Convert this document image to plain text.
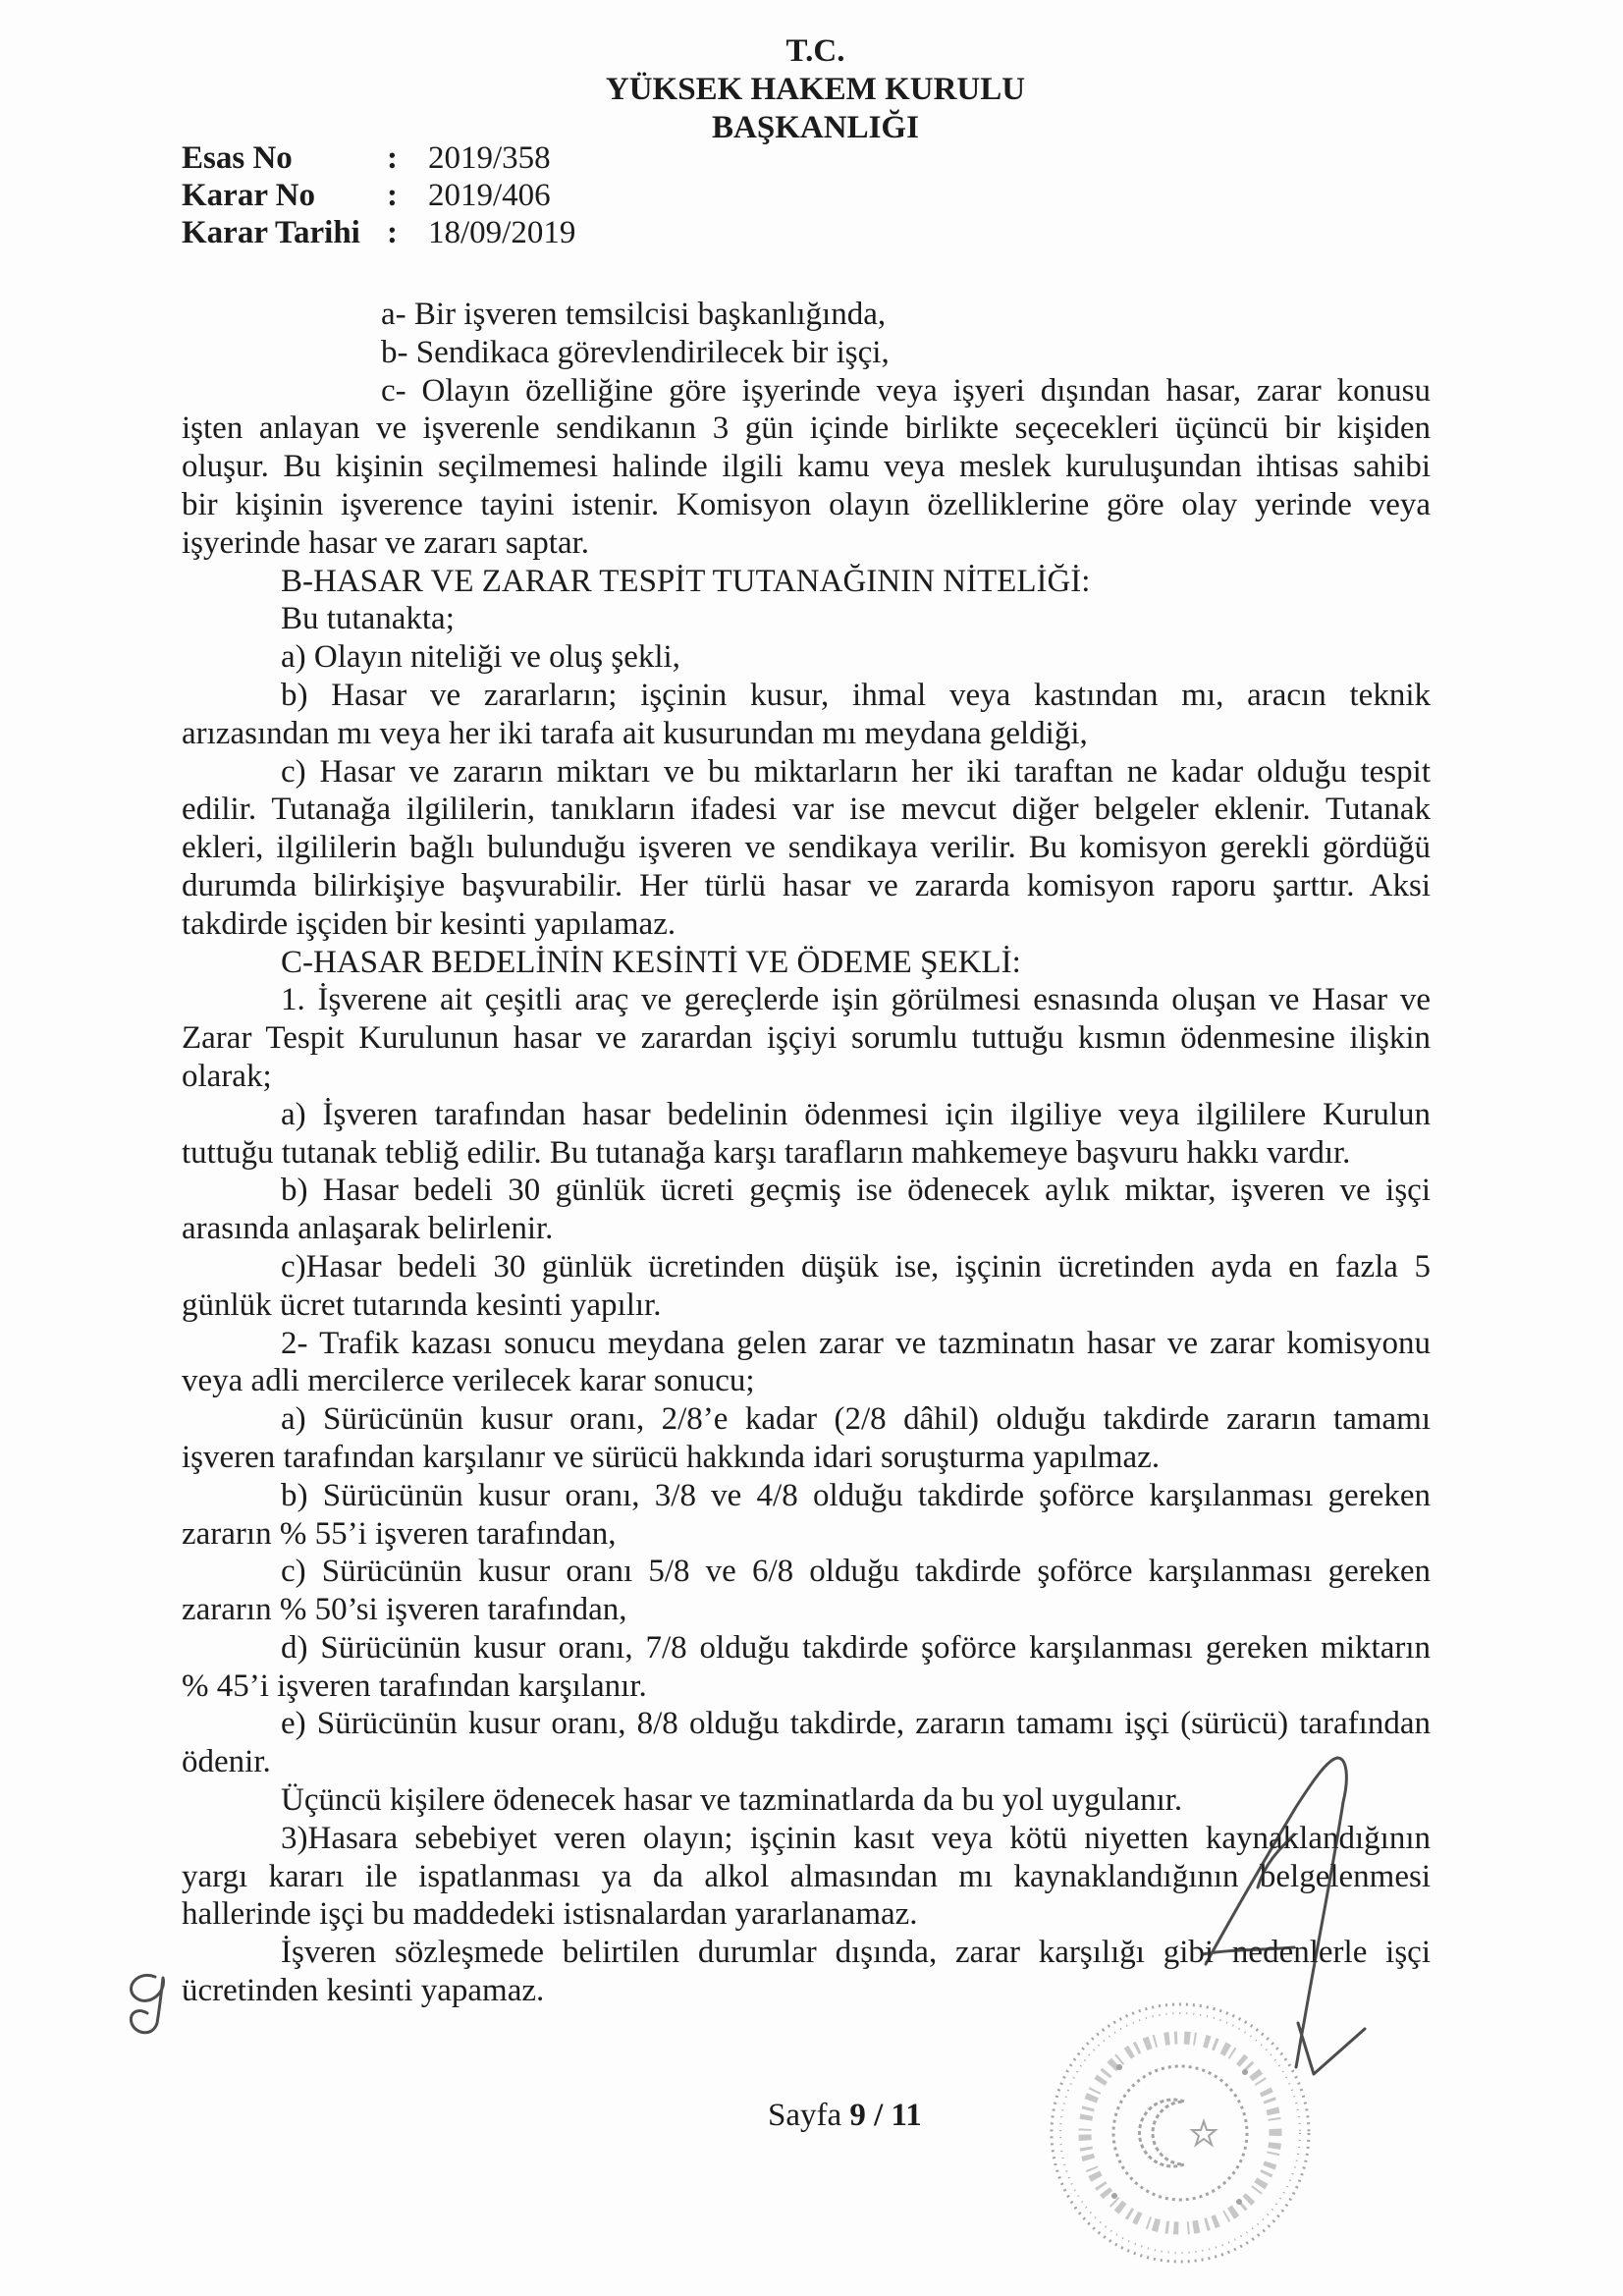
T.C.
YÜKSEK HAKEM KURULU
BAŞKANLIĞI
Esas No	: 2019/358
Karar No	: 2019/406
Karar Tarihi : 18/09/2019
a- Bir işveren temsilcisi başkanlığında,
b- Sendikaca görevlendirilecek bir işçi,
c- Olayın özelliğine göre işyerinde veya işyeri dışından hasar, zarar konusu
işten anlayan ve işverenle sendikanın 3 gün içinde birlikte seçecekleri üçüncü bir kişiden
oluşur. Bu kişinin seçilmemesi halinde ilgili kamu veya meslek kuruluşundan ihtisas sahibi
bir kişinin işverence tayini istenir. Komisyon olayın özelliklerine göre olay yerinde veya
işyerinde hasar ve zararı saptar.
B-HASAR VE ZARAR TESPİT TUTANAĞININ NİTELİĞİ:
Bu tutanakta;
a) Olayın niteliği ve oluş şekli,
b) Hasar ve zararların; işçinin kusur, ihmal veya kastından mı, aracın teknik
arızasından mı veya her iki tarafa ait kusurundan mı meydana geldiği,
c) Hasar ve zararın miktarı ve bu miktarların her iki taraftan ne kadar olduğu tespit
edilir. Tutanağa ilgililerin, tanıkların ifadesi var ise mevcut diğer belgeler eklenir. Tutanak
ekleri, ilgililerin bağlı bulunduğu işveren ve sendikaya verilir. Bu komisyon gerekli gördüğü
durumda bilirkişiye başvurabilir. Her türlü hasar ve zararda komisyon raporu şarttır. Aksi
takdirde işçiden bir kesinti yapılamaz.
C-HASAR BEDELİNİN KESİNTİ VE ÖDEME ŞEKLİ:
1. İşverene ait çeşitli araç ve gereçlerde işin görülmesi esnasında oluşan ve Hasar ve
Zarar Tespit Kurulunun hasar ve zarardan işçiyi sorumlu tuttuğu kısmın ödenmesine ilişkin
olarak;
a) İşveren tarafından hasar bedelinin ödenmesi için ilgiliye veya ilgililere Kurulun
tuttuğu tutanak tebliğ edilir. Bu tutanağa karşı tarafların mahkemeye başvuru hakkı vardır.
b) Hasar bedeli 30 günlük ücreti geçmiş ise ödenecek aylık miktar, işveren ve işçi
arasında anlaşarak belirlenir.
c)Hasar bedeli 30 günlük ücretinden düşük ise, işçinin ücretinden ayda en fazla 5
günlük ücret tutarında kesinti yapılır.
2- Trafik kazası sonucu meydana gelen zarar ve tazminatın hasar ve zarar komisyonu
veya adli mercilerce verilecek karar sonucu;
a) Sürücünün kusur oranı, 2/8’e kadar (2/8 dâhil) olduğu takdirde zararın tamamı
işveren tarafından karşılanır ve sürücü hakkında idari soruşturma yapılmaz.
b) Sürücünün kusur oranı, 3/8 ve 4/8 olduğu takdirde şoförce karşılanması gereken
zararın % 55’i işveren tarafından,
c) Sürücünün kusur oranı 5/8 ve 6/8 olduğu takdirde şoförce karşılanması gereken
zararın % 50’si işveren tarafından,
d) Sürücünün kusur oranı, 7/8 olduğu takdirde şoförce karşılanması gereken miktarın
% 45’i işveren tarafından karşılanır.
e) Sürücünün kusur oranı, 8/8 olduğu takdirde, zararın tamamı işçi (sürücü) tarafından
ödenir.
Üçüncü kişilere ödenecek hasar ve tazminatlarda da bu yol uygulanır.
3)Hasara sebebiyet veren olayın; işçinin kasıt veya kötü niyetten kaynaklandığının
yargı kararı ile ispatlanması ya da alkol almasından mı kaynaklandığının belgelenmesi
hallerinde işçi bu maddedeki istisnalardan yararlanamaz.
İşveren sözleşmede belirtilen durumlar dışında, zarar karşılığı gibi nedenlerle işçi
ücretinden kesinti yapamaz.
Sayfa 9 / 11
